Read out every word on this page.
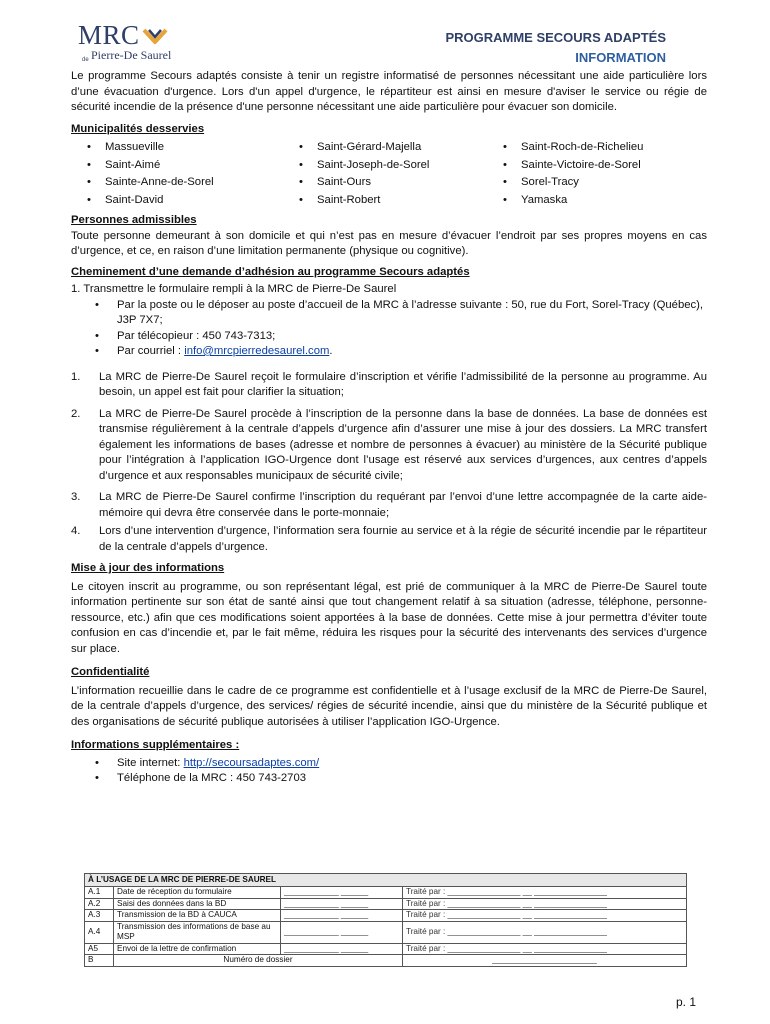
MRC
de Pierre-De Saurel
PROGRAMME SECOURS ADAPTÉS
INFORMATION

Le programme Secours adaptés consiste à tenir un registre informatisé de personnes nécessitant une aide particulière lors d’une évacuation d'urgence. Lors d'un appel d'urgence, le répartiteur est ainsi en mesure d'aviser le service ou régie de sécurité incendie de la présence d'une personne nécessitant une aide particulière pour évacuer son domicile.

Municipalités desservies

• Massueville
• Saint-Aimé
• Sainte-Anne-de-Sorel
• Saint-David
• Saint-Gérard-Majella
• Saint-Joseph-de-Sorel
• Saint-Ours
• Saint-Robert
• Saint-Roch-de-Richelieu
• Sainte-Victoire-de-Sorel
• Sorel-Tracy
• Yamaska

Personnes admissibles

Toute personne demeurant à son domicile et qui n’est pas en mesure d’évacuer l’endroit par ses propres moyens en cas d’urgence, et ce, en raison d’une limitation permanente (physique ou cognitive).

Cheminement d’une demande d’adhésion au programme Secours adaptés

1. Transmettre le formulaire rempli à la MRC de Pierre-De Saurel

• Par la poste ou le déposer au poste d’accueil de la MRC à l’adresse suivante : 50, rue du Fort, Sorel-Tracy (Québec), J3P 7X7;
• Par télécopieur : 450 743-7313;
• Par courriel : info@mrcpierredesaurel.com.
1. La MRC de Pierre-De Saurel reçoit le formulaire d’inscription et vérifie l’admissibilité de la personne au programme. Au besoin, un appel est fait pour clarifier la situation;
2. La MRC de Pierre-De Saurel procède à l’inscription de la personne dans la base de données. La base de données est transmise régulièrement à la centrale d’appels d’urgence afin d’assurer une mise à jour des dossiers. La MRC transfert également les informations de bases (adresse et nombre de personnes à évacuer) au ministère de la Sécurité publique pour l’intégration à l’application IGO-Urgence dont l’usage est réservé aux services d’urgences, aux centres d’appels d’urgence et aux responsables municipaux de sécurité civile;
3. La MRC de Pierre-De Saurel confirme l’inscription du requérant par l’envoi d’une lettre accompagnée de la carte aide-mémoire qui devra être conservée dans le porte-monnaie;
4. Lors d’une intervention d’urgence, l’information sera fournie au service et à la régie de sécurité incendie par le répartiteur de la centrale d’appels d’urgence.

Mise à jour des informations

Le citoyen inscrit au programme, ou son représentant légal, est prié de communiquer à la MRC de Pierre-De Saurel toute information pertinente sur son état de santé ainsi que tout changement relatif à sa situation (adresse, téléphone, personne-ressource, etc.) afin que ces modifications soient apportées à la base de données. Cette mise à jour permettra d’éviter toute confusion en cas d’incendie et, par le fait même, réduira les risques pour la sécurité des intervenants des services d’urgence sur place.

Confidentialité

L’information recueillie dans le cadre de ce programme est confidentielle et à l’usage exclusif de la MRC de Pierre-De Saurel, de la centrale d’appels d’urgence, des services/ régies de sécurité incendie, ainsi que du ministère de la Sécurité publique et des organisations de sécurité publique autorisées à utiliser l’application IGO-Urgence.

Informations supplémentaires :

• Site internet: http://secoursadaptes.com/
• Téléphone de la MRC : 450 743-2703
À L’USAGE DE LA MRC DE PIERRE-DE SAUREL			
A.1	Date de réception du formulaire	____________ ______	Traité par : ________________ __ ________________
A.2	Saisi des données dans la BD	____________ ______	Traité par : ________________ __ ________________
A.3	Transmission de la BD à CAUCA	____________ ______	Traité par : ________________ __ ________________
A.4	Transmission des informations de base au MSP	____________ ______	Traité par : ________________ __ ________________
A5	Envoi de la lettre de confirmation	____________ ______	Traité par : ________________ __ ________________
B	Numéro de dossier		_______________________
p. 1
